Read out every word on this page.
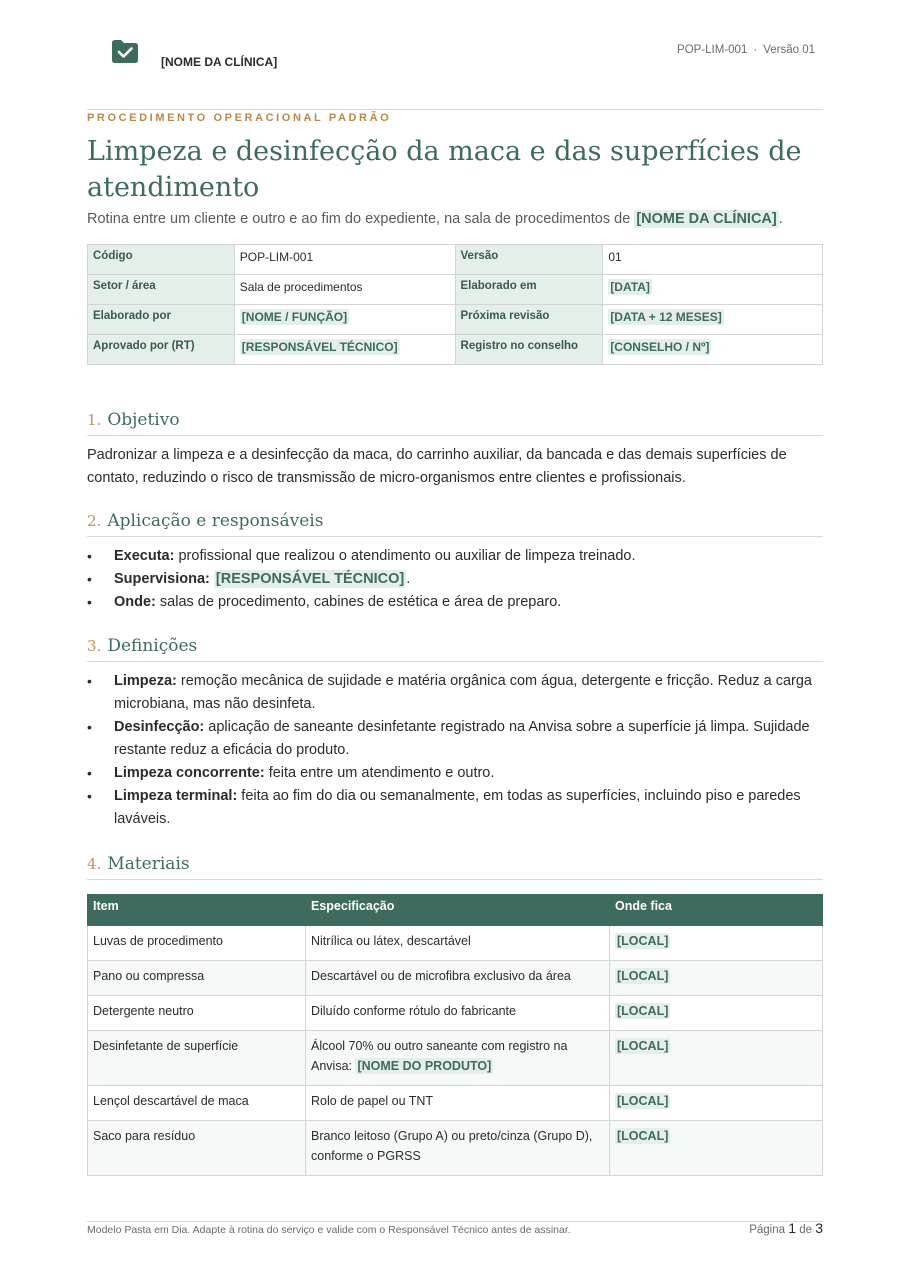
[NOME DA CLÍNICA]
POP-LIM-001 · Versão 01
PROCEDIMENTO OPERACIONAL PADRÃO
Limpeza e desinfecção da maca e das superfícies de atendimento
Rotina entre um cliente e outro e ao fim do expediente, na sala de procedimentos de [NOME DA CLÍNICA] .
Código	POP-LIM-001	Versão	01
Setor / área	Sala de procedimentos	Elaborado em	[DATA]
Elaborado por	[NOME / FUNÇÃO]	Próxima revisão	[DATA + 12 MESES]
Aprovado por (RT)	[RESPONSÁVEL TÉCNICO]	Registro no conselho	[CONSELHO / Nº]
1. Objetivo

Padronizar a limpeza e a desinfecção da maca, do carrinho auxiliar, da bancada e das demais superfícies de contato, reduzindo o risco de transmissão de micro-organismos entre clientes e profissionais.

2. Aplicação e responsáveis
• Executa: profissional que realizou o atendimento ou auxiliar de limpeza treinado.
• Supervisiona: [RESPONSÁVEL TÉCNICO] .
• Onde: salas de procedimento, cabines de estética e área de preparo.
3. Definições
• Limpeza: remoção mecânica de sujidade e matéria orgânica com água, detergente e fricção. Reduz a carga microbiana, mas não desinfeta.
• Desinfecção: aplicação de saneante desinfetante registrado na Anvisa sobre a superfície já limpa. Sujidade restante reduz a eficácia do produto.
• Limpeza concorrente: feita entre um atendimento e outro.
• Limpeza terminal: feita ao fim do dia ou semanalmente, em todas as superfícies, incluindo piso e paredes laváveis.
4. Materiais
Item	Especificação	Onde fica
Luvas de procedimento	Nitrílica ou látex, descartável	[LOCAL]
Pano ou compressa	Descartável ou de microfibra exclusivo da área	[LOCAL]
Detergente neutro	Diluído conforme rótulo do fabricante	[LOCAL]
Desinfetante de superfície	Álcool 70% ou outro saneante com registro na Anvisa: [NOME DO PRODUTO]	[LOCAL]
Lençol descartável de maca	Rolo de papel ou TNT	[LOCAL]
Saco para resíduo	Branco leitoso (Grupo A) ou preto/cinza (Grupo D), conforme o PGRSS	[LOCAL]
Modelo Pasta em Dia. Adapte à rotina do serviço e valide com o Responsável Técnico antes de assinar.	Página 1 de 3
